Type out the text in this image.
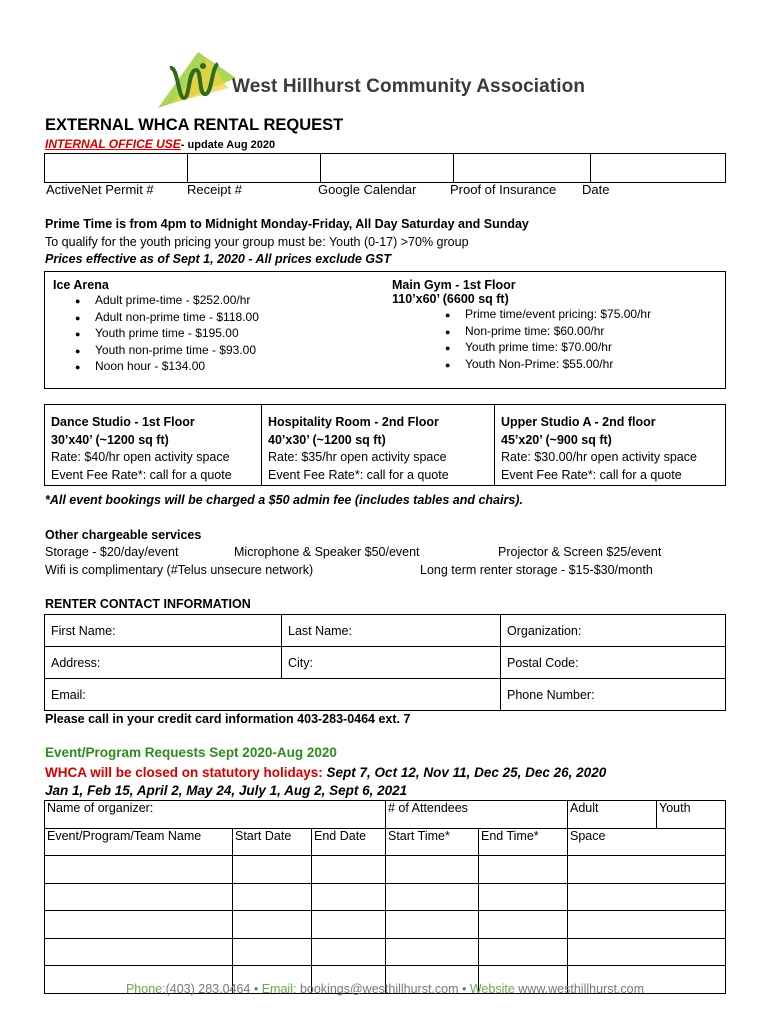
West Hillhurst Community Association
EXTERNAL WHCA RENTAL REQUEST
INTERNAL OFFICE USE- update Aug 2020

ActiveNet Permit #	Receipt #	Google Calendar	Proof of Insurance Date
Prime Time is from 4pm to Midnight Monday-Friday, All Day Saturday and Sunday
To qualify for the youth pricing your group must be: Youth (0-17) >70% group
Prices effective as of Sept 1, 2020 - All prices exclude GST
Ice Arena
● Adult prime-time - $252.00/hr
● Adult non-prime time - $118.00
● Youth prime time - $195.00
● Youth non-prime time - $93.00
● Noon hour - $134.00
Main Gym - 1st Floor
110’x60’ (6600 sq ft)
● Prime time/event pricing: $75.00/hr
● Non-prime time: $60.00/hr
● Youth prime time: $70.00/hr
● Youth Non-Prime: $55.00/hr
Dance Studio - 1st Floor
30’x40’ (~1200 sq ft)
Rate: $40/hr open activity space
Event Fee Rate*: call for a quote
Hospitality Room - 2nd Floor
40’x30’ (~1200 sq ft)
Rate: $35/hr open activity space
Event Fee Rate*: call for a quote
Upper Studio A - 2nd floor
45’x20’ (~900 sq ft)
Rate: $30.00/hr open activity space
Event Fee Rate*: call for a quote
*All event bookings will be charged a $50 admin fee (includes tables and chairs).
Other chargeable services
Storage - $20/day/event	Microphone & Speaker $50/event	Projector & Screen $25/event
Wifi is complimentary (#Telus unsecure network)	Long term renter storage - $15-$30/month
RENTER CONTACT INFORMATION
First Name:	Last Name:	Organization:
Address:	City:	Postal Code:
Email:		Phone Number:
Please call in your credit card information 403-283-0464 ext. 7
Event/Program Requests Sept 2020-Aug 2020
WHCA will be closed on statutory holidays: Sept 7, Oct 12, Nov 11, Dec 25, Dec 26, 2020
Jan 1, Feb 15, April 2, May 24, July 1, Aug 2, Sept 6, 2021
Name of organizer:			# of Attendees		Adult	Youth
Event/Program/Team Name	Start Date	End Date	Start Time*	End Time*	Space	

Phone:(403) 283.0464 • Email: bookings@westhillhurst.com • Website www.westhillhurst.com
